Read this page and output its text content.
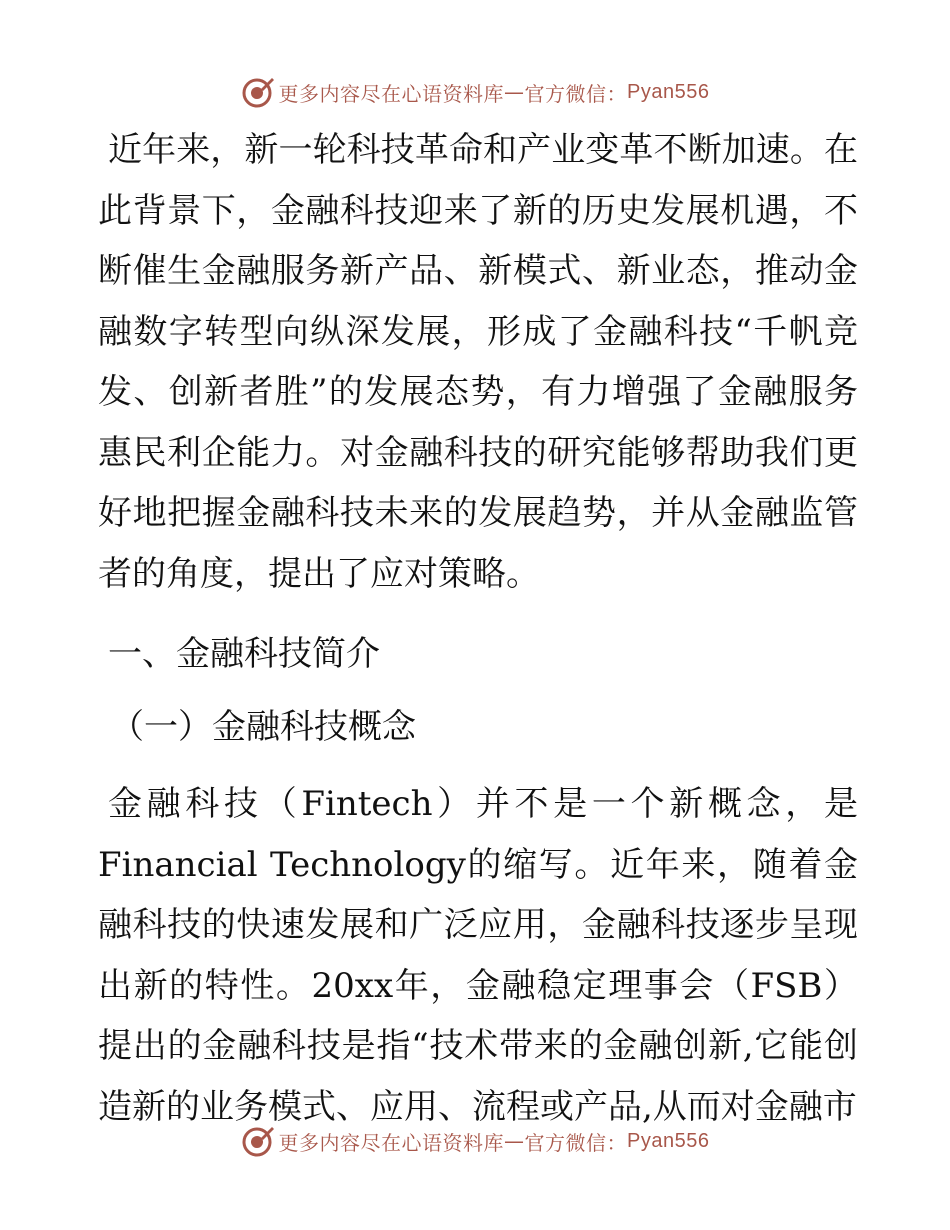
更多内容尽在心语资料库 — 官方微信： Pyan556

近年来，新一轮科技革命和产业变革不断加速。在此背景下，金融科技迎来了新的历史发展机遇，不断催生金融服务新产品、新模式、新业态，推动金融数字转型向纵深发展，形成了金融科技“千帆竞发、创新者胜”的发展态势，有力增强了金融服务惠民利企能力。对金融科技的研究能够帮助我们更好地把握金融科技未来的发展趋势，并从金融监管者的角度，提出了应对策略。

一、金融科技简介

（一）金融科技概念

金融科技（Fintech）并不是一个新概念，是Financial Technology的缩写。近年来，随着金融科技的快速发展和广泛应用，金融科技逐步呈现出新的特性。20xx年，金融稳定理事会（FSB）提出的金融科技是指“技术带来的金融创新,它能创造新的业务模式、应用、流程或产品,从而对金融市

更多内容尽在心语资料库 — 官方微信： Pyan556
